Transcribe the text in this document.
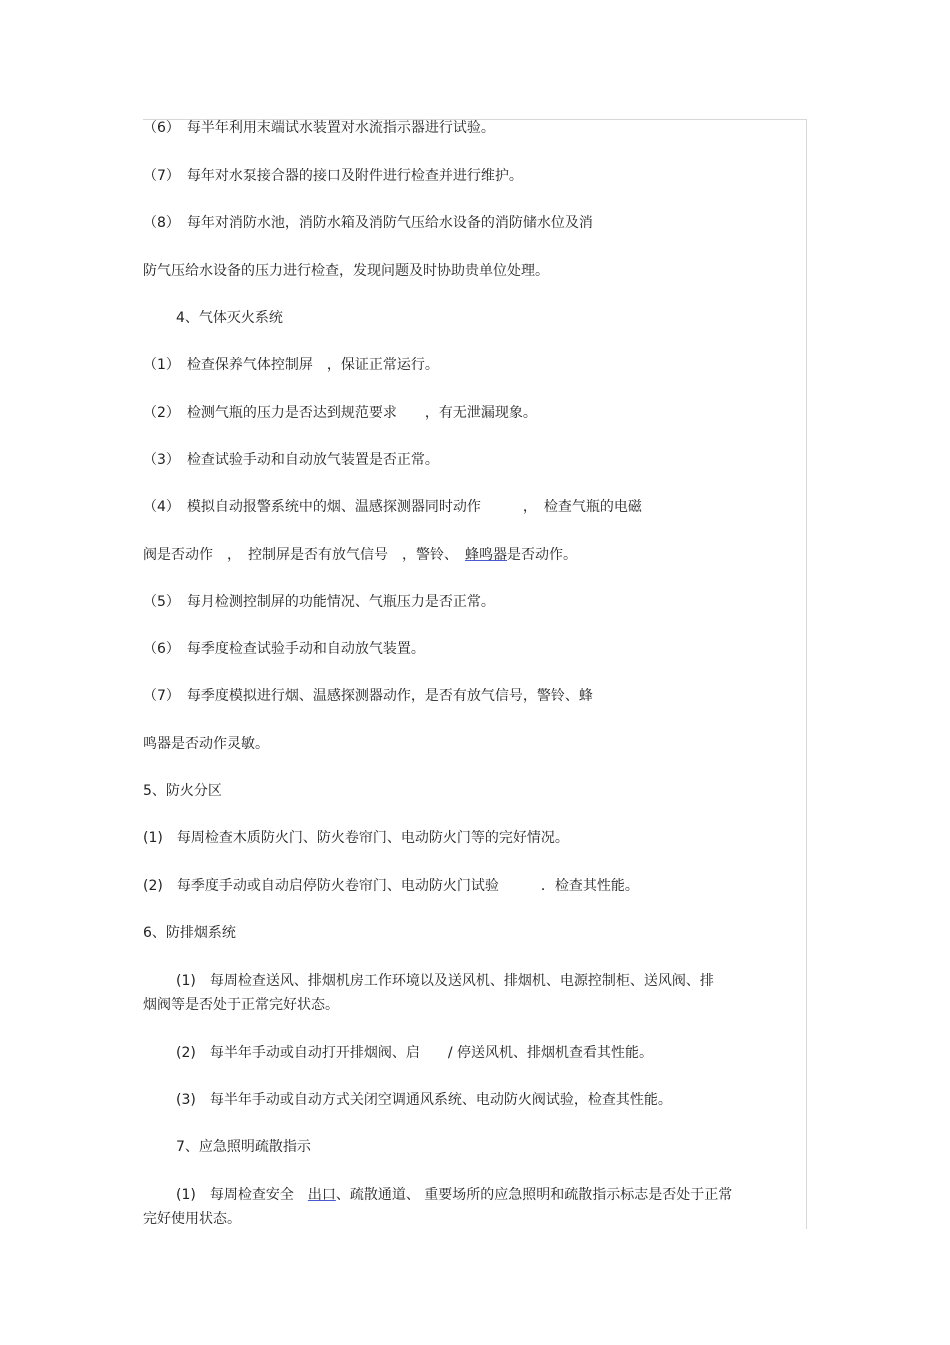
（6）　每半年利用末端试水装置对水流指示器进行试验。
（7）　每年对水泵接合器的接口及附件进行检查并进行维护。
（8）　每年对消防水池，消防水箱及消防气压给水设备的消防储水位及消
防气压给水设备的压力进行检查，发现问题及时协助贵单位处理。
4、气体灭火系统
（1）　检查保养气体控制屏　，保证正常运行。
（2）　检测气瓶的压力是否达到规范要求　　，有无泄漏现象。
（3）　检查试验手动和自动放气装置是否正常。
（4）　模拟自动报警系统中的烟、温感探测器同时动作　　　，　检查气瓶的电磁
阀是否动作　，　控制屏是否有放气信号　，警铃、　蜂鸣器是否动作。
（5）　每月检测控制屏的功能情况、气瓶压力是否正常。
（6）　每季度检查试验手动和自动放气装置。
（7）　每季度模拟进行烟、温感探测器动作，是否有放气信号，警铃、蜂
鸣器是否动作灵敏。
5、防火分区
(1)　每周检查木质防火门、防火卷帘门、电动防火门等的完好情况。
(2)　每季度手动或自动启停防火卷帘门、电动防火门试验　　　．检查其性能。
6、防排烟系统
(1)　每周检查送风、排烟机房工作环境以及送风机、排烟机、电源控制柜、送风阀、排
烟阀等是否处于正常完好状态。
(2)　每半年手动或自动打开排烟阀、启　　/ 停送风机、排烟机查看其性能。
(3)　每半年手动或自动方式关闭空调通风系统、电动防火阀试验，检查其性能。
7、应急照明疏散指示
(1)　每周检查安全　出口、疏散通道、 重要场所的应急照明和疏散指示标志是否处于正常
完好使用状态。
